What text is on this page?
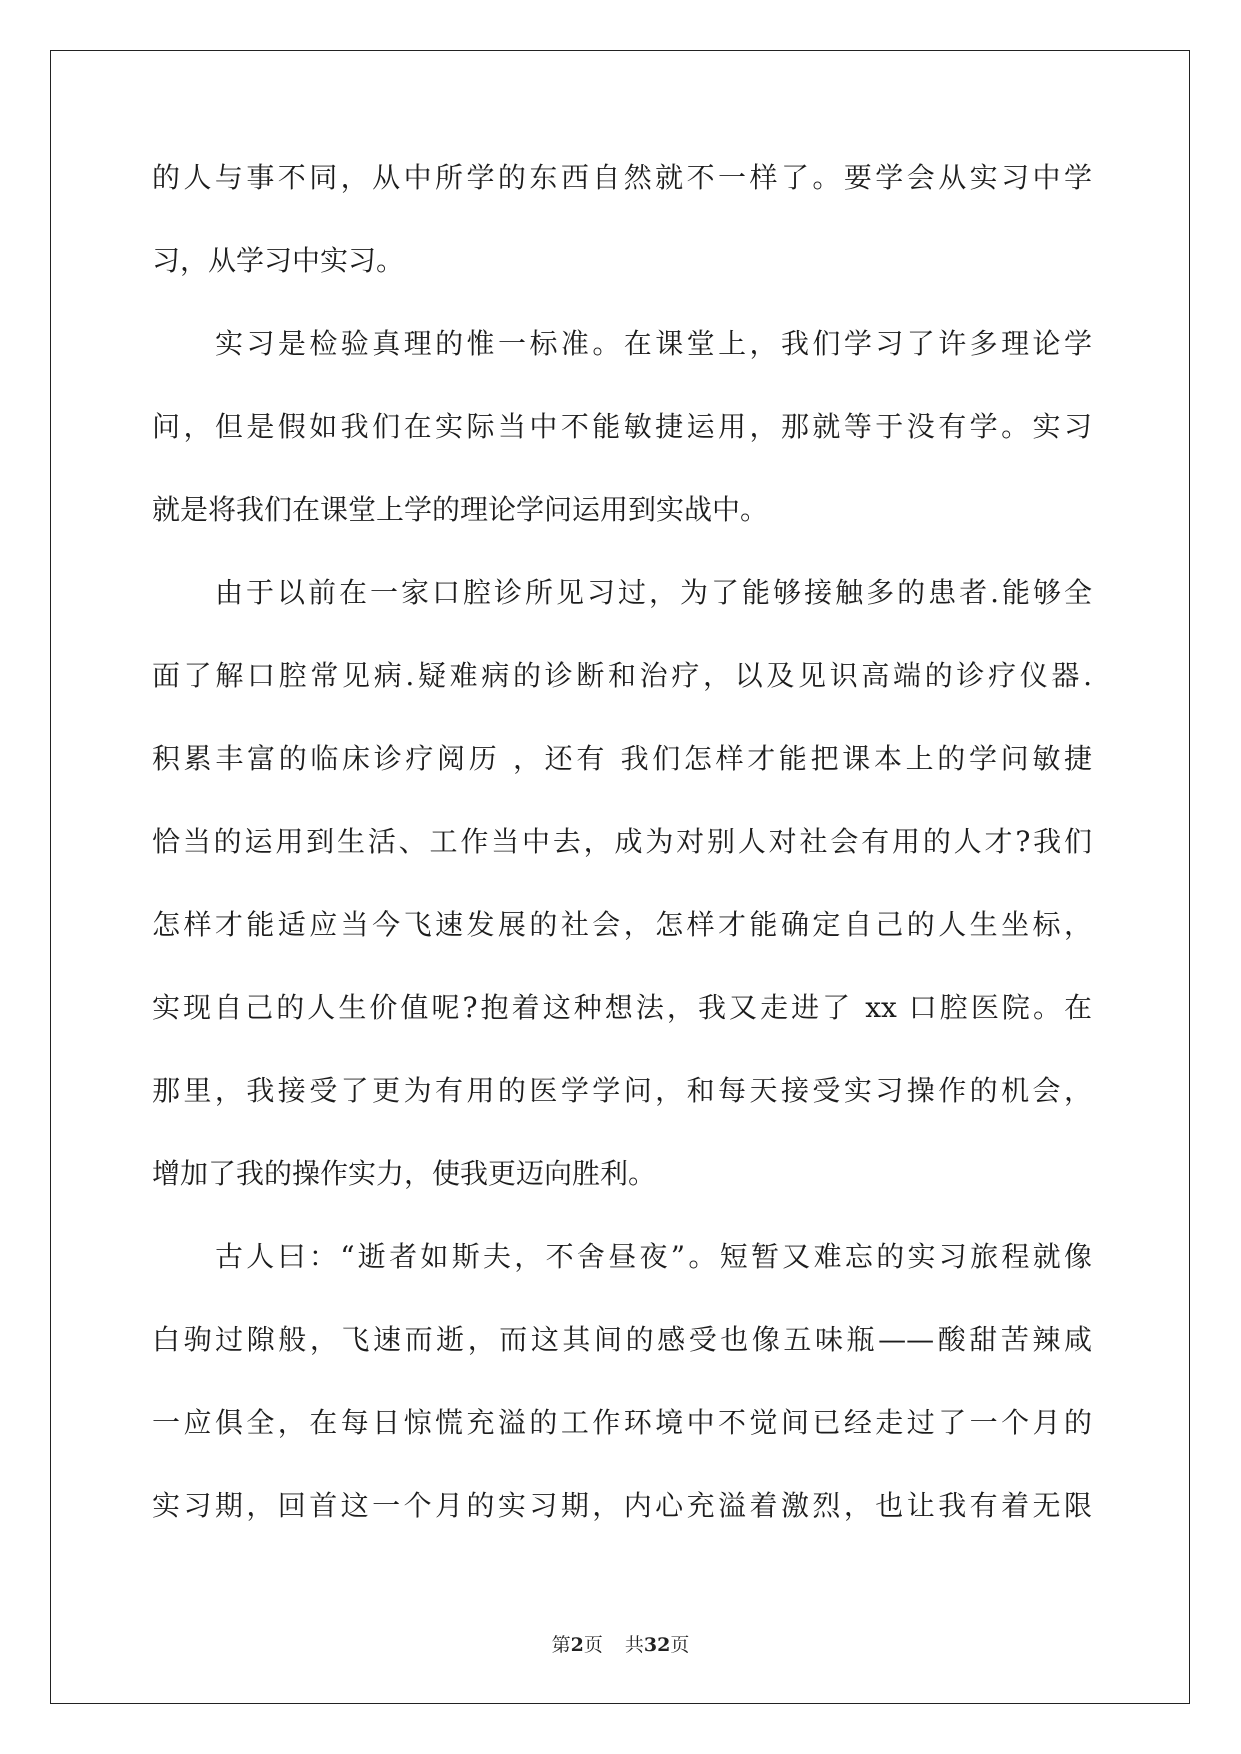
的人与事不同，从中所学的东西自然就不一样了。要学会从实习中学
习，从学习中实习。
实习是检验真理的惟一标准。在课堂上，我们学习了许多理论学
问，但是假如我们在实际当中不能敏捷运用，那就等于没有学。实习
就是将我们在课堂上学的理论学问运用到实战中。
由于以前在一家口腔诊所见习过，为了能够接触多的患者.能够全
面了解口腔常见病.疑难病的诊断和治疗，以及见识高端的诊疗仪器.
积累丰富的临床诊疗阅历 ，还有 我们怎样才能把课本上的学问敏捷
恰当的运用到生活、工作当中去，成为对别人对社会有用的人才?我们
怎样才能适应当今飞速发展的社会，怎样才能确定自己的人生坐标，
实现自己的人生价值呢?抱着这种想法，我又走进了 xx 口腔医院。在
那里，我接受了更为有用的医学学问，和每天接受实习操作的机会，
增加了我的操作实力，使我更迈向胜利。
古人曰：“逝者如斯夫，不舍昼夜”。短暂又难忘的实习旅程就像
白驹过隙般，飞速而逝，而这其间的感受也像五味瓶——酸甜苦辣咸
一应俱全，在每日惊慌充溢的工作环境中不觉间已经走过了一个月的
实习期，回首这一个月的实习期，内心充溢着激烈，也让我有着无限
第2页 共32页
